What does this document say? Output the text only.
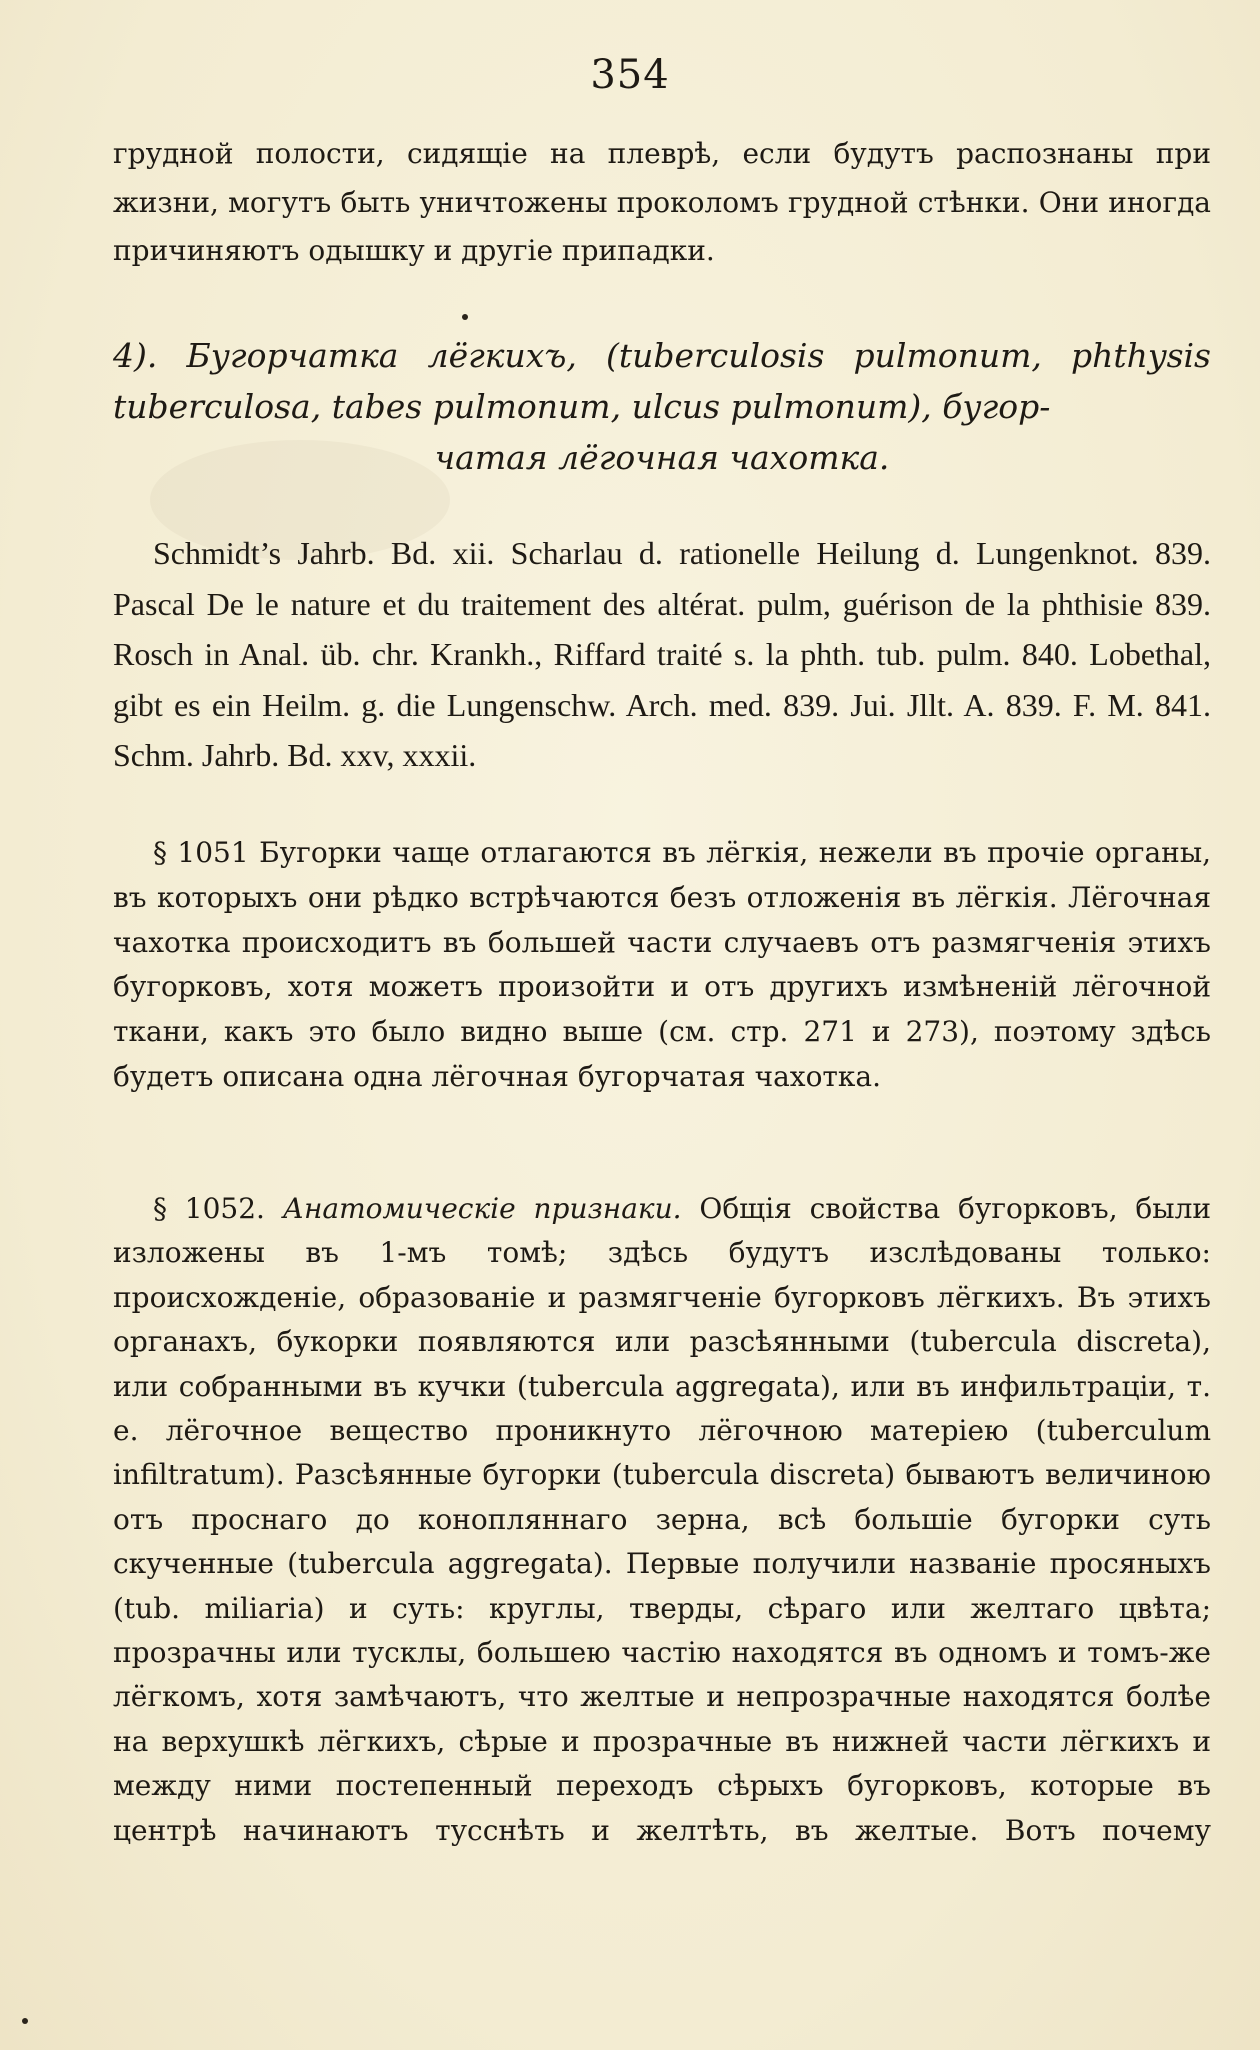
354

грудной полости, сидящіе на плеврѣ, если будутъ распознаны при жизни, могутъ быть уничтожены проколомъ грудной стѣнки. Они иногда причиняютъ одышку и другіе припадки.

4). Бугорчатка лёгкихъ, (tuberculosis pulmonum, phthysis tuberculosa, tabes pulmonum, ulcus pulmonum), бугор-
чатая лёгочная чахотка.

Schmidt’s Jahrb. Bd. xii. Scharlau d. rationelle Heilung d. Lungenknot. 839. Pascal De le nature et du traitement des altérat. pulm, guérison de la phthisie 839. Rosch in Anal. üb. chr. Krankh., Riffard traité s. la phth. tub. pulm. 840. Lobethal, gibt es ein Heilm. g. die Lungenschw. Arch. med. 839. Jui. Jllt. A. 839. F. M. 841. Schm. Jahrb. Bd. xxv, xxxii.

§ 1051 Бугорки чаще отлагаются въ лёгкія, нежели въ прочіе органы, въ которыхъ они рѣдко встрѣчаются безъ отложенія въ лёгкія. Лёгочная чахотка происходитъ въ большей части случаевъ отъ размягченія этихъ бугорковъ, хотя можетъ произойти и отъ другихъ измѣненій лёгочной ткани, какъ это было видно выше (см. стр. 271 и 273), поэтому здѣсь будетъ описана одна лёгочная бугорчатая чахотка.

§ 1052. Анатомическіе признаки. Общія свойства бугорковъ, были изложены въ 1-мъ томѣ; здѣсь будутъ изслѣдованы только: происхожденіе, образованіе и размягченіе бугорковъ лёгкихъ. Въ этихъ органахъ, букорки появляются или разсѣянными (tubercula discreta), или собранными въ кучки (tubercula aggregata), или въ инфильтраціи, т. е. лёгочное вещество проникнуто лёгочною матеріею (tuberculum infiltratum). Разсѣянные бугорки (tubercula discreta) бываютъ величиною отъ проснаго до конопляннаго зерна, всѣ большіе бугорки суть скученные (tubercula aggregata). Первые получили названіе просяныхъ (tub. miliaria) и суть: круглы, тверды, сѣраго или желтаго цвѣта; прозрачны или тусклы, большею частію находятся въ одномъ и томъ-же лёгкомъ, хотя замѣчаютъ, что желтые и непрозрачные находятся болѣе на верхушкѣ лёгкихъ, сѣрые и прозрачные въ нижней части лёгкихъ и между ними постепенный переходъ сѣрыхъ бугорковъ, которые въ центрѣ начинаютъ тусснѣть и желтѣть, въ желтые. Вотъ почему
